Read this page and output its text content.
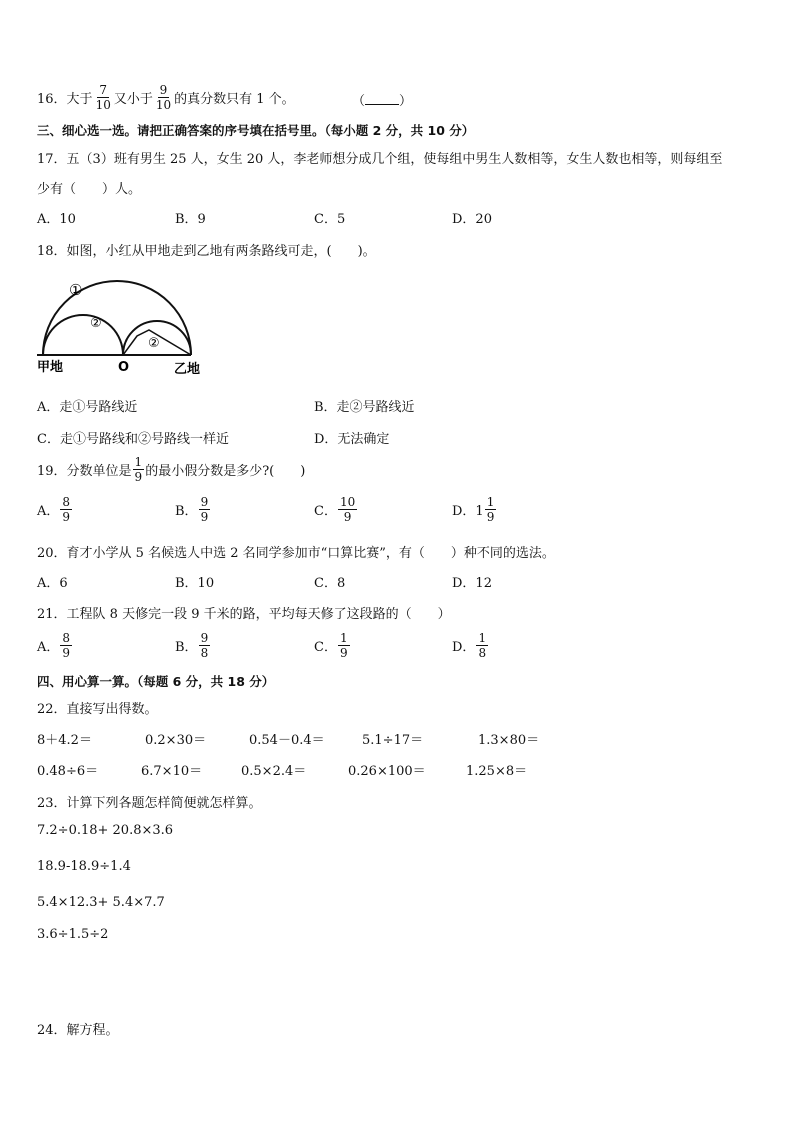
16． 大于 $\frac{7}{10}$ 又小于 $\frac{9}{10}$ 的真分数只有 1 个。	（	）
三、细心选一选。请把正确答案的序号填在括号里。（每小题 2 分，共 10 分）
17．五（3）班有男生 25 人，女生 20 人，李老师想分成几个组，使每组中男生人数相等，女生人数也相等，则每组至
少有（　　）人。
A．10	B．9	C．5	D．20
18．如图，小红从甲地走到乙地有两条路线可走，(　　)。
①
②
②
甲地	O	乙地
A．走①号路线近	B．走②号路线近
C．走①号路线和②号路线一样近	D．无法确定
19．分数单位是 $\frac{1}{9}$ 的最小假分数是多少?(　　)
A． $\frac{8}{9}$	B． $\frac{9}{9}$	C． $\frac{10}{9}$	D．$1 \frac{1}{9}$
20．育才小学从 5 名候选人中选 2 名同学参加市“口算比赛”，有（　　）种不同的选法。
A．6	B．10	C．8	D．12
21．工程队 8 天修完一段 9 千米的路，平均每天修了这段路的（　　）
A． $\frac{8}{9}$	B． $\frac{9}{8}$	C． $\frac{1}{9}$	D． $\frac{1}{8}$
四、用心算一算。（每题 6 分，共 18 分）
22．直接写出得数。
8＋4.2＝	0.2×30＝	0.54－0.4＝	5.1÷17＝	1.3×80＝
0.48÷6＝	6.7×10＝	0.5×2.4＝	0.26×100＝	1.25×8＝
23．计算下列各题怎样简便就怎样算。
7.2÷0.18+ 20.8×3.6
18.9-18.9÷1.4
5.4×12.3+ 5.4×7.7
3.6÷1.5÷2
24．解方程。
